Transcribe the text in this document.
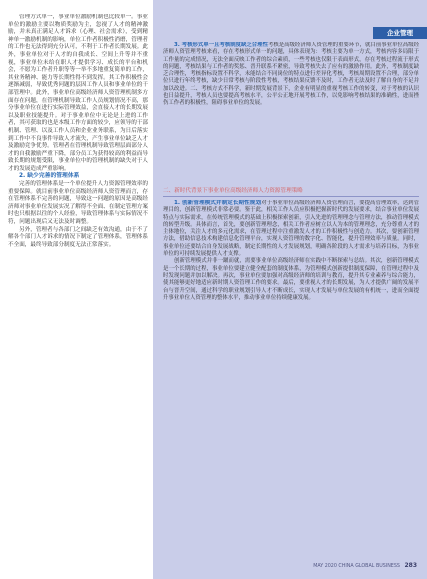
管理方式单一，事业单位激励机制也比较单一。事业单位的激励主要以物质奖励为主，忽视了人才的精神激励，并未真正满足人才诉求（心理、社会需求），受到精神单一激励机制的影响，单位工作者积极性消磨，管理者的工作也无法得到充分认可，不利于工作者长期发展。此外，事业单位对于人才的自我成长、空间上升等并不重视，事业单位未给在职人才提供学习、成长的平台和机会，不愿为工作者升职等等一举不多地重复简单的工作，其业务精神、能力等长期性得不到发挥。其工作积极性会逐渐减弱，导致优秀问题的层因工作人员和事业单位的干部管理中。此外，事业单位高级经济师人资管理机制多方面存在问题，在管理机制导致工作人员规划情况不高，那分事业单位在进行实际管理效益，会直接人才的长期发展以及职业技能提升。对于事业单位中无论是上进的工作者，其可获取的也是本级工作方面的较少，应领导的干部机制、管理、以及工作人员和企业业务联系，为日后落实到工作中不良事件导致人才流失，产生事业单位缺乏人才及激励竞争优势。管理者在管理机制导致管理层面部分人才的自我激励严重下降，部分员工为获得较高的利益而导致长期的规划受限，事业单位中的管理机制的缺失对于人才的发展造成严重影响。

2. 缺少完善的管理体系

完善的管理体系是一个单位提升人力资源管理效率的重要保障。就目前事业单位高级经济师人资管理而言，存在管理体系不完善的问题，导致这一问题的原因是高级经济师对事业单位发展实况了解得不全面、在制定管理方案时也只根据以往的个人经验，导致管理体系与实际情况不符，问题出现后又无法及时调整。

另外，管理者与各部门之间缺乏有效沟通，由于不了解各个部门人才诉求的情况下制定了管理体系，管理体系不全面，最终导致部分制度无法正常落实。

企业管理

3. 考核形式单一且考核制度缺乏合理性考核是高级经济师人资管理的重要环节，就目前事业单位高级经济师人资管理考核来看，存在考核形式单一的问题，具体表现为：考核主要为单一方式，考核内容多局限于工作量的完成情况，无法全面反映工作者的综合素质，一些考核也仅限于表面形式，存在考核过程流于形式的问题，考核结果与工作者的奖惩、晋升联系不紧密，导致考核失去了应有的激励作用。此外，考核制度缺乏合理性，考核指标设置不科学，未能结合不同岗位的特点进行差异化考核，考核周期设置不合理，部分单位只进行年终考核，缺少日常考核与阶段性考核，考核结果反馈不及时，工作者无法及时了解自身的不足并加以改进。二、考核方式不科学，新时期发展背景下，企业有明显的重视考核工作的转变，对于考核的认识也日益提升，考核人员也要提高考核水平，公平公正地开展考核工作，以免影响考核结果的准确性，进而挫伤工作者的积极性，阻碍事业单位的发展。

二、新时代背景下事业单位高级经济师人力资源管理策略

1. 创新管理模式并制定长期性规划对于事业单位高级经济师人资管理而言，要提高管理效率，达到管理目的，创新管理模式非常必要。鉴于此，相关工作人员应积极把握新时代的发展要求，结合事业单位发展特点与实际需求，在传统管理模式的基础上积极探索创新，引入先进的管理理念与管理方法，推动管理模式的转型升级。具体而言，首先，要创新管理理念，相关工作者应树立以人为本的管理理念，充分尊重人才的主体地位，关注人才的多元化需求，在管理过程中注重激发人才的工作积极性与创造力。其次，要创新管理方法，借助信息技术构建信息化管理平台，实现人资管理的数字化、智能化，提升管理效率与质量。同时，事业单位还要结合自身发展战略，制定长期性的人才发展规划，明确各阶段的人才需求与培养目标，为事业单位的可持续发展提供人才支撑。

创新管理模式并非一蹴而就，需要事业单位高级经济师在实践中不断探索与总结。其次，创新管理模式是一个长期的过程，事业单位要建立健全配套的制度体系，为管理模式创新提供制度保障，在管理过程中及时发现问题并加以解决。再次，事业单位要加强对高级经济师的培训与教育，提升其专业素养与综合能力，使其能够更好地适应新时期人资管理工作的要求。最后，要重视人才的长期发展，为人才提供广阔的发展平台与晋升空间，通过科学的职业规划引导人才不断成长，实现人才发展与单位发展的有机统一，进而全面提升事业单位人资管理的整体水平，推动事业单位持续健康发展。

MAY 2020 CHINA GLOBAL BUSINESS 283
